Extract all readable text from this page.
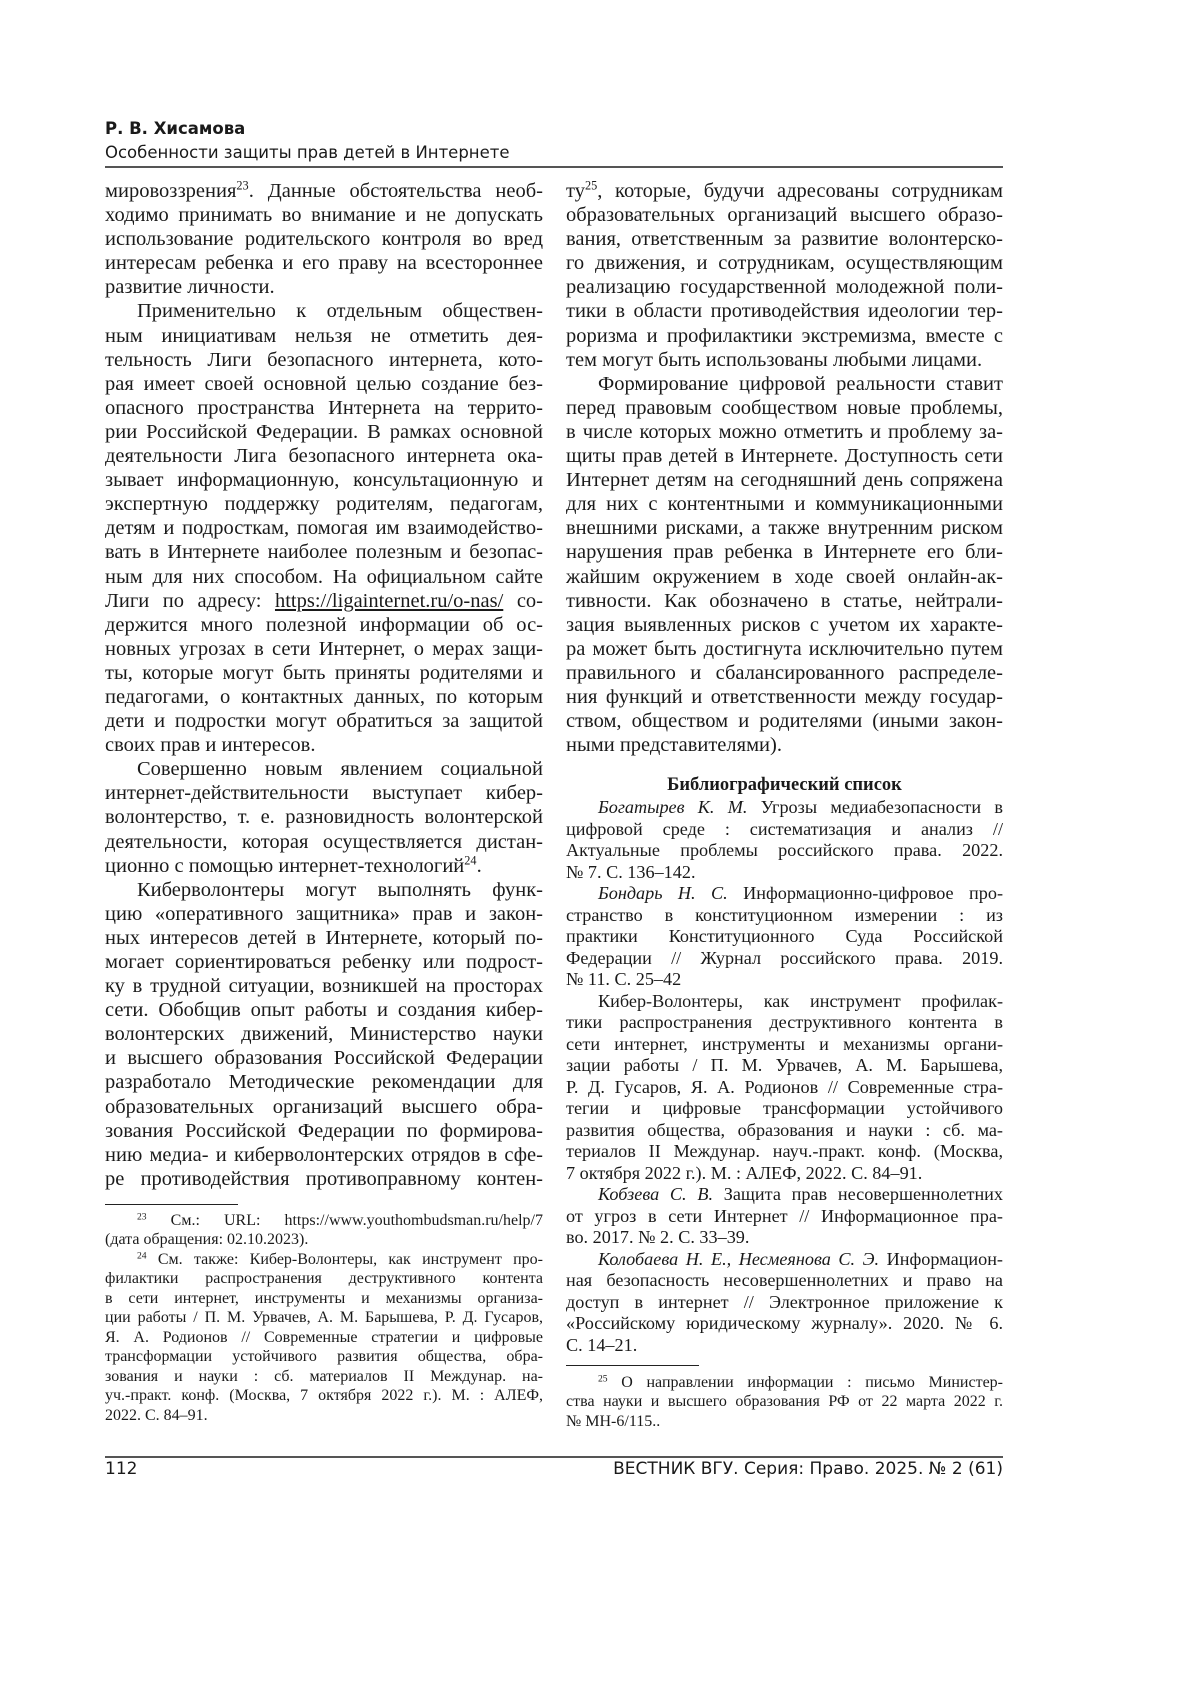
Р. В. Хисамова
Особенности защиты прав детей в Интернете
мировоззрения23. Данные обстоятельства необ-
ходимо принимать во внимание и не допускать
использование родительского контроля во вред
интересам ребенка и его праву на всестороннее
развитие личности.
Применительно к отдельным обществен-
ным инициативам нельзя не отметить дея-
тельность Лиги безопасного интернета, кото-
рая имеет своей основной целью создание без-
опасного пространства Интернета на террито-
рии Российской Федерации. В рамках основной
деятельности Лига безопасного интернета ока-
зывает информационную, консультационную и
экспертную поддержку родителям, педагогам,
детям и подросткам, помогая им взаимодейство-
вать в Интернете наиболее полезным и безопас-
ным для них способом. На официальном сайте
Лиги по адресу: https://ligainternet.ru/o-nas/ со-
держится много полезной информации об ос-
новных угрозах в сети Интернет, о мерах защи-
ты, которые могут быть приняты родителями и
педагогами, о контактных данных, по которым
дети и подростки могут обратиться за защитой
своих прав и интересов.
Совершенно новым явлением социальной
интернет-действительности выступает кибер-
волонтерство, т. е. разновидность волонтерской
деятельности, которая осуществляется дистан-
ционно с помощью интернет-технологий24.
Киберволонтеры могут выполнять функ-
цию «оперативного защитника» прав и закон-
ных интересов детей в Интернете, который по-
могает сориентироваться ребенку или подрост-
ку в трудной ситуации, возникшей на просторах
сети. Обобщив опыт работы и создания кибер-
волонтерских движений, Министерство науки
и высшего образования Российской Федерации
разработало Методические рекомендации для
образовательных организаций высшего обра-
зования Российской Федерации по формирова-
нию медиа- и киберволонтерских отрядов в сфе-
ре противодействия противоправному контен-
23 См.: URL: https://www.youthombudsman.ru/help/7
(дата обращения: 02.10.2023).
24 См. также: Кибер-Волонтеры, как инструмент про-
филактики распространения деструктивного контента
в сети интернет, инструменты и механизмы организа-
ции работы / П. М. Урвачев, А. М. Барышева, Р. Д. Гусаров,
Я. А. Родионов // Современные стратегии и цифровые
трансформации устойчивого развития общества, обра-
зования и науки : сб. материалов II Междунар. на-
уч.-практ. конф. (Москва, 7 октября 2022 г.). М. : АЛЕФ,
2022. С. 84–91.
ту25, которые, будучи адресованы сотрудникам
образовательных организаций высшего образо-
вания, ответственным за развитие волонтерско-
го движения, и сотрудникам, осуществляющим
реализацию государственной молодежной поли-
тики в области противодействия идеологии тер-
роризма и профилактики экстремизма, вместе с
тем могут быть использованы любыми лицами.
Формирование цифровой реальности ставит
перед правовым сообществом новые проблемы,
в числе которых можно отметить и проблему за-
щиты прав детей в Интернете. Доступность сети
Интернет детям на сегодняшний день сопряжена
для них с контентными и коммуникационными
внешними рисками, а также внутренним риском
нарушения прав ребенка в Интернете его бли-
жайшим окружением в ходе своей онлайн-ак-
тивности. Как обозначено в статье, нейтрали-
зация выявленных рисков с учетом их характе-
ра может быть достигнута исключительно путем
правильного и сбалансированного распределе-
ния функций и ответственности между государ-
ством, обществом и родителями (иными закон-
ными представителями).
Библиографический список
Богатырев К. М. Угрозы медиабезопасности в
цифровой среде : систематизация и анализ //
Актуальные проблемы российского права. 2022.
№ 7. С. 136–142.
Бондарь Н. С. Информационно-цифровое про-
странство в конституционном измерении : из
практики Конституционного Суда Российской
Федерации // Журнал российского права. 2019.
№ 11. С. 25–42
Кибер-Волонтеры, как инструмент профилак-
тики распространения деструктивного контента в
сети интернет, инструменты и механизмы органи-
зации работы / П. М. Урвачев, А. М. Барышева,
Р. Д. Гусаров, Я. А. Родионов // Современные стра-
тегии и цифровые трансформации устойчивого
развития общества, образования и науки : сб. ма-
териалов II Междунар. науч.-практ. конф. (Москва,
7 октября 2022 г.). М. : АЛЕФ, 2022. С. 84–91.
Кобзева С. В. Защита прав несовершеннолетних
от угроз в сети Интернет // Информационное пра-
во. 2017. № 2. С. 33–39.
Колобаева Н. Е., Несмеянова С. Э. Информацион-
ная безопасность несовершеннолетних и право на
доступ в интернет // Электронное приложение к
«Российскому юридическому журналу». 2020. № 6.
С. 14–21.
25 О направлении информации : письмо Министер-
ства науки и высшего образования РФ от 22 марта 2022 г.
№ МН-6/115..
112	ВЕСТНИК ВГУ. Серия: Право. 2025. № 2 (61)
